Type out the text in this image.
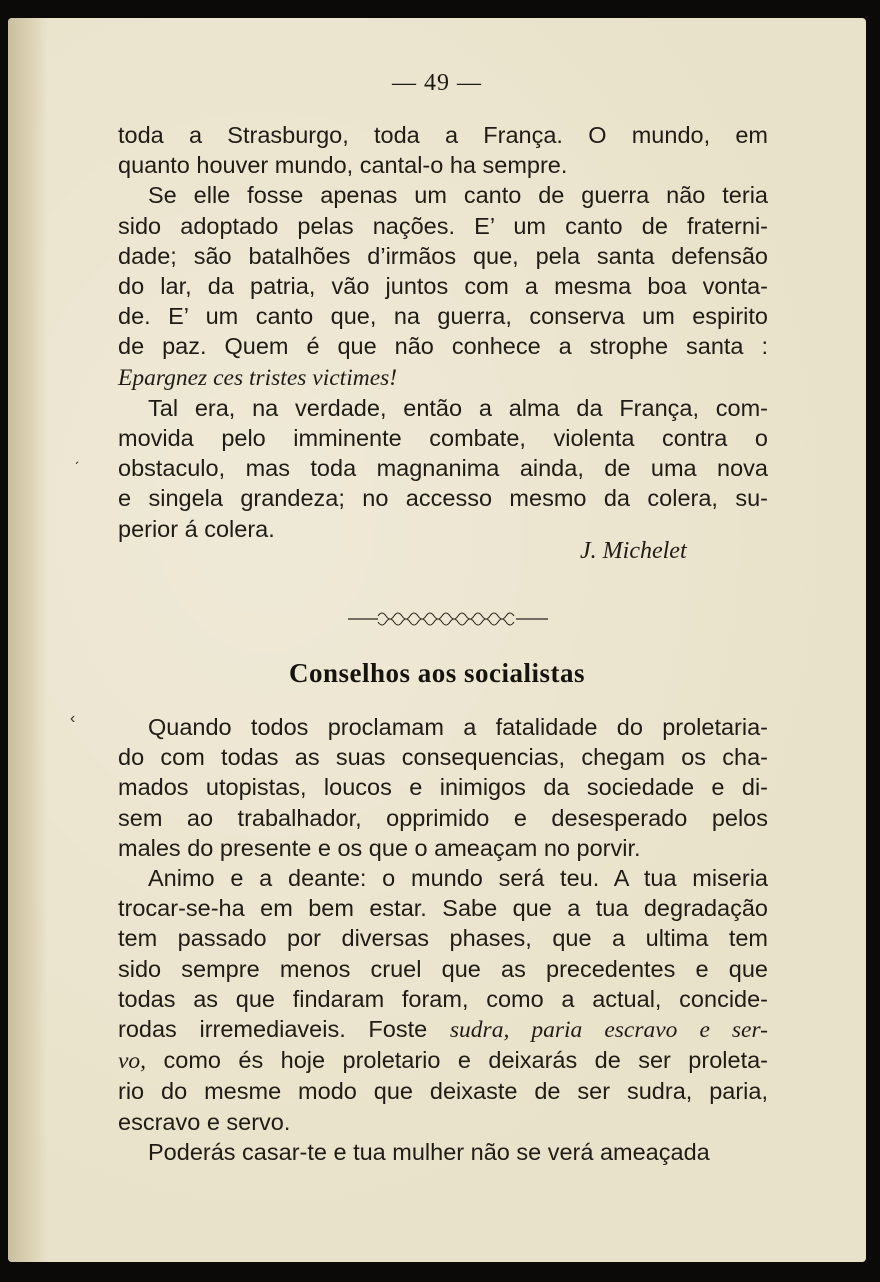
— 49 —
toda a Strasburgo, toda a França. O mundo, em
quanto houver mundo, cantal-o ha sempre.
Se elle fosse apenas um canto de guerra não teria
sido adoptado pelas nações. E’ um canto de fraterni-
dade; são batalhões d’irmãos que, pela santa defensão
do lar, da patria, vão juntos com a mesma boa vonta-
de. E’ um canto que, na guerra, conserva um espirito
de paz. Quem é que não conhece a strophe santa :
Epargnez ces tristes victimes!
Tal era, na verdade, então a alma da França, com-
movida pelo imminente combate, violenta contra o
obstaculo, mas toda magnanima ainda, de uma nova
e singela grandeza; no accesso mesmo da colera, su-
perior á colera.
J. Michelet
Conselhos aos socialistas
Quando todos proclamam a fatalidade do proletaria-
do com todas as suas consequencias, chegam os cha-
mados utopistas, loucos e inimigos da sociedade e di-
sem ao trabalhador, opprimido e desesperado pelos
males do presente e os que o ameaçam no porvir.
Animo e a deante: o mundo será teu. A tua miseria
trocar-se-ha em bem estar. Sabe que a tua degradação
tem passado por diversas phases, que a ultima tem
sido sempre menos cruel que as precedentes e que
todas as que findaram foram, como a actual, concide-
rodas irremediaveis. Foste sudra, paria escravo e ser-
vo, como és hoje proletario e deixarás de ser proleta-
rio do mesme modo que deixaste de ser sudra, paria,
escravo e servo.
Poderás casar-te e tua mulher não se verá ameaçada
ˏ
‹
